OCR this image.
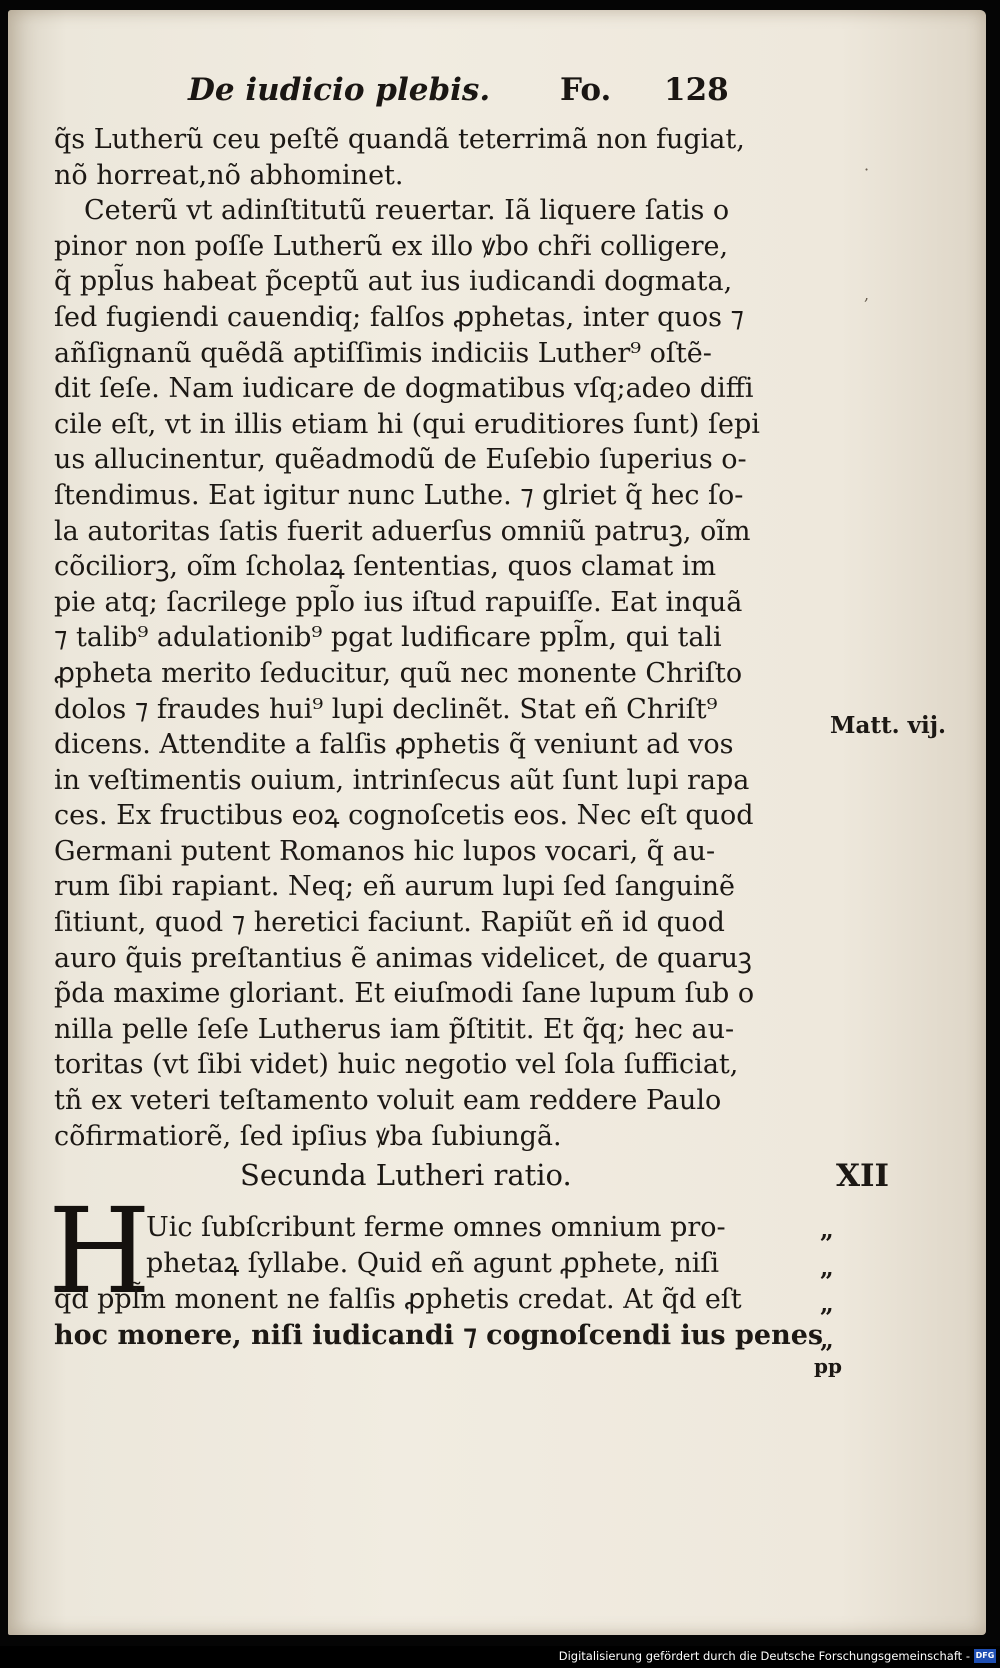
De iudicio plebis. Fo. 128
q̃s Lutherũ ceu peſtẽ quandã teterrimã non fugiat,
nõ horreat,nõ abhominet.
Ceterũ vt adinſtitutũ reuertar. Iã liquere ſatis o
pinor non poſſe Lutherũ ex illo ꝟbo chr̃i colligere,
q̃ ppl̃us habeat p̃ceptũ aut ius iudicandi dogmata,
ſed fugiendi cauendiq; falſos ꝓphetas, inter quos ⁊
añſignanũ quẽdã aptiſſimis indiciis Luther⁹ oſtẽ-
dit ſeſe. Nam iudicare de dogmatibus vſq;adeo diffi
cile eſt, vt in illis etiam hi (qui eruditiores ſunt) ſepi
us allucinentur, quẽadmodũ de Euſebio ſuperius o-
ſtendimus. Eat igitur nunc Luthe. ⁊ glriet q̃ hec ſo-
la autoritas ſatis fuerit aduerſus omniũ patruꝫ, oĩm
cõciliorꝫ, oĩm ſcholaꝝ ſententias, quos clamat im
pie atq; ſacrilege ppl̃o ius iſtud rapuiſſe. Eat inquã
⁊ talib⁹ adulationib⁹ pgat ludificare ppl̃m, qui tali
ꝓpheta merito ſeducitur, quũ nec monente Chriſto
dolos ⁊ fraudes hui⁹ lupi declinẽt. Stat eñ Chriſt⁹
dicens. Attendite a falſis ꝓphetis q̃ veniunt ad vos
in veſtimentis ouium, intrinſecus aũt ſunt lupi rapa
ces. Ex fructibus eoꝝ cognoſcetis eos. Nec eſt quod
Germani putent Romanos hic lupos vocari, q̃ au-
rum ſibi rapiant. Neq; eñ aurum lupi ſed ſanguinẽ
ſitiunt, quod ⁊ heretici faciunt. Rapiũt eñ id quod
auro q̃uis preſtantius ẽ animas videlicet, de quaruꝫ
p̃da maxime gloriant. Et eiuſmodi ſane lupum ſub o
nilla pelle ſeſe Lutherus iam p̃ſtitit. Et q̃q; hec au-
toritas (vt ſibi videt) huic negotio vel ſola ſufficiat,
tñ ex veteri teſtamento voluit eam reddere Paulo
cõfirmatiorẽ, ſed ipſius ꝟba ſubiungã.
Matt. vij.
·
,
Secunda Lutheri ratio.	XII
H
Uic ſubſcribunt ferme omnes omnium pro-
phetaꝝ ſyllabe. Quid eñ agunt ꝓphete, niſi
q̃d ppl̃m monent ne falſis ꝓphetis credat. At q̃d eſt
hoc monere, niſi iudicandi ⁊ cognoſcendi ius penes
„
„
„
„
pp
Digitalisierung gefördert durch die Deutsche Forschungsgemeinschaft - DFG
